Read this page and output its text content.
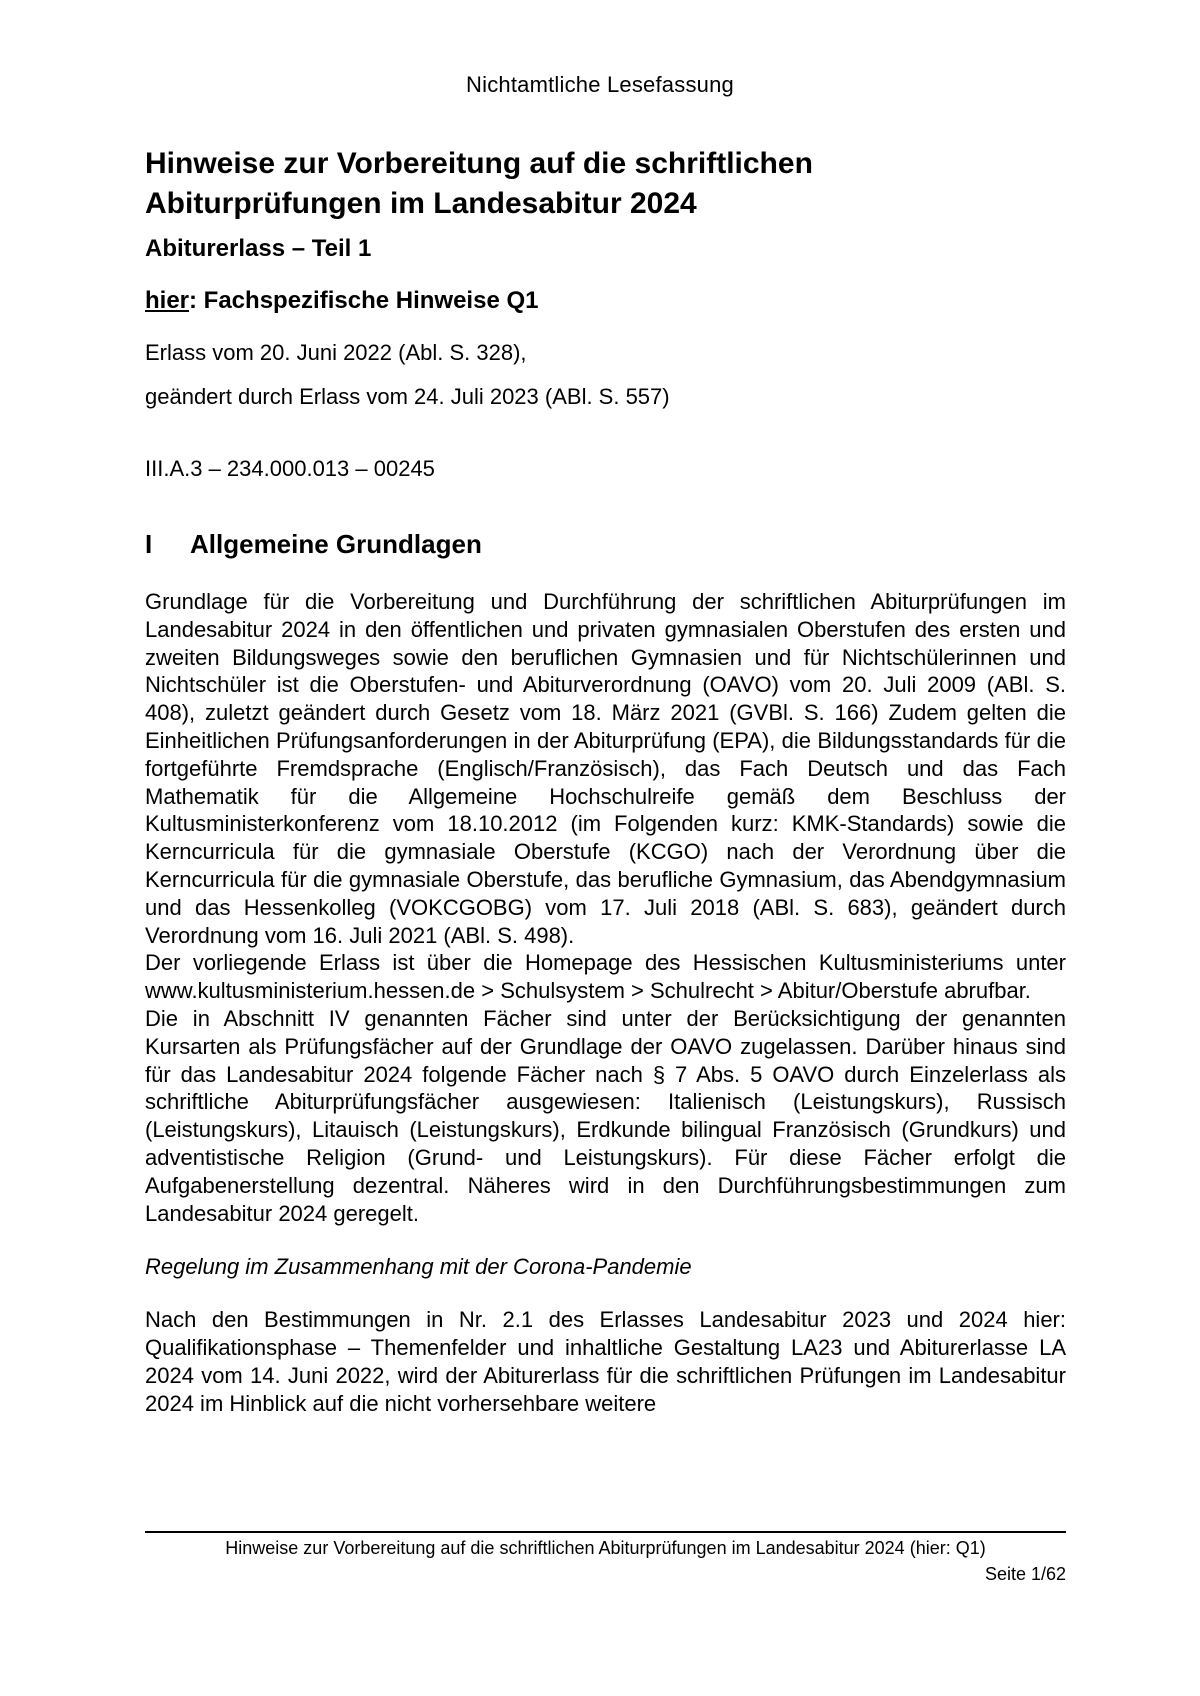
Nichtamtliche Lesefassung
Hinweise zur Vorbereitung auf die schriftlichen
Abiturprüfungen im Landesabitur 2024
Abiturerlass – Teil 1
hier: Fachspezifische Hinweise Q1
Erlass vom 20. Juni 2022 (Abl. S. 328),
geändert durch Erlass vom 24. Juli 2023 (ABl. S. 557)
III.A.3 – 234.000.013 – 00245
I Allgemeine Grundlagen

Grundlage für die Vorbereitung und Durchführung der schriftlichen Abiturprüfungen im Landesabitur 2024 in den öffentlichen und privaten gymnasialen Oberstufen des ersten und zweiten Bildungsweges sowie den beruflichen Gymnasien und für Nichtschülerinnen und Nichtschüler ist die Oberstufen- und Abiturverordnung (OAVO) vom 20. Juli 2009 (ABl. S. 408), zuletzt geändert durch Gesetz vom 18. März 2021 (GVBl. S. 166) Zudem gelten die Einheitlichen Prüfungsanforderungen in der Abiturprüfung (EPA), die Bildungsstandards für die fortgeführte Fremdsprache (Englisch/Französisch), das Fach Deutsch und das Fach Mathematik für die Allgemeine Hochschulreife gemäß dem Beschluss der Kultusministerkonferenz vom 18.10.2012 (im Folgenden kurz: KMK-Standards) sowie die Kerncurricula für die gymnasiale Oberstufe (KCGO) nach der Verordnung über die Kerncurricula für die gymnasiale Oberstufe, das berufliche Gymnasium, das Abendgymnasium und das Hessenkolleg (VOKCGOBG) vom 17. Juli 2018 (ABl. S. 683), geändert durch Verordnung vom 16. Juli 2021 (ABl. S. 498).

Der vorliegende Erlass ist über die Homepage des Hessischen Kultusministeriums unter www.kultusministerium.hessen.de > Schulsystem > Schulrecht > Abitur/Oberstufe abrufbar.

Die in Abschnitt IV genannten Fächer sind unter der Berücksichtigung der genannten Kursarten als Prüfungsfächer auf der Grundlage der OAVO zugelassen. Darüber hinaus sind für das Landesabitur 2024 folgende Fächer nach § 7 Abs. 5 OAVO durch Einzelerlass als schriftliche Abiturprüfungsfächer ausgewiesen: Italienisch (Leistungskurs), Russisch (Leistungskurs), Litauisch (Leistungskurs), Erdkunde bilingual Französisch (Grundkurs) und adventistische Religion (Grund- und Leistungskurs). Für diese Fächer erfolgt die Aufgabenerstellung dezentral. Näheres wird in den Durchführungsbestimmungen zum Landesabitur 2024 geregelt.

Regelung im Zusammenhang mit der Corona-Pandemie

Nach den Bestimmungen in Nr. 2.1 des Erlasses Landesabitur 2023 und 2024 hier: Qualifikationsphase – Themenfelder und inhaltliche Gestaltung LA23 und Abiturerlasse LA 2024 vom 14. Juni 2022, wird der Abiturerlass für die schriftlichen Prüfungen im Landesabitur 2024 im Hinblick auf die nicht vorhersehbare weitere

Hinweise zur Vorbereitung auf die schriftlichen Abiturprüfungen im Landesabitur 2024 (hier: Q1)
Seite 1/62
